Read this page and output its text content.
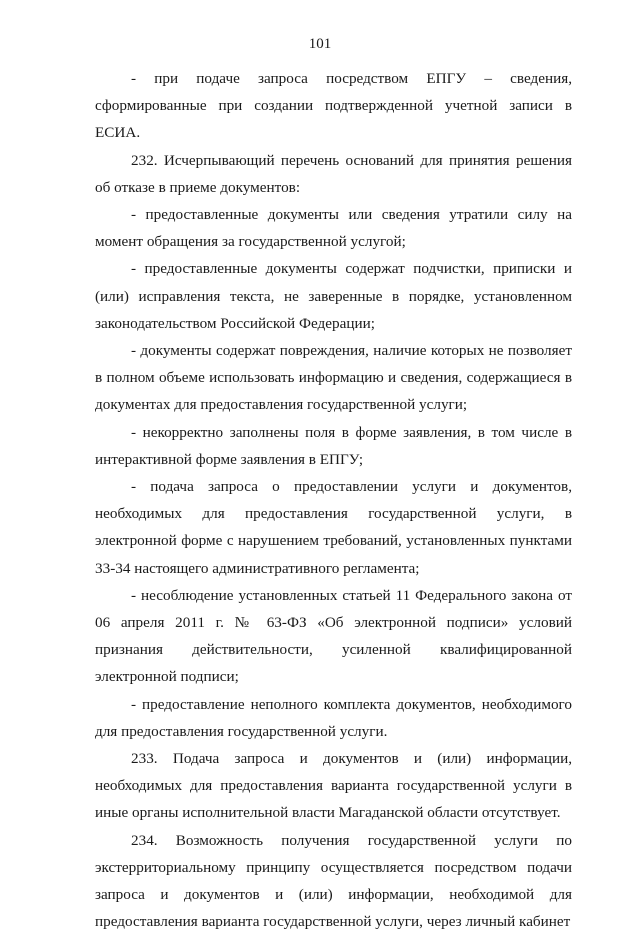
101

- при подаче запроса посредством ЕПГУ – сведения, сформированные при создании подтвержденной учетной записи в ЕСИА.

232. Исчерпывающий перечень оснований для принятия решения об отказе в приеме документов:

- предоставленные документы или сведения утратили силу на момент обращения за государственной услугой;

- предоставленные документы содержат подчистки, приписки и (или) исправления текста, не заверенные в порядке, установленном законодательством Российской Федерации;

- документы содержат повреждения, наличие которых не позволяет в полном объеме использовать информацию и сведения, содержащиеся в документах для предоставления государственной услуги;

- некорректно заполнены поля в форме заявления, в том числе в интерактивной форме заявления в ЕПГУ;

- подача запроса о предоставлении услуги и документов, необходимых для предоставления государственной услуги, в электронной форме с нарушением требований, установленных пунктами 33-34 настоящего административного регламента;

- несоблюдение установленных статьей 11 Федерального закона от 06 апреля 2011 г. № 63-ФЗ «Об электронной подписи» условий признания действительности, усиленной квалифицированной электронной подписи;

- предоставление неполного комплекта документов, необходимого для предоставления государственной услуги.

233. Подача запроса и документов и (или) информации, необходимых для предоставления варианта государственной услуги в иные органы исполнительной власти Магаданской области отсутствует.

234. Возможность получения государственной услуги по экстерриториальному принципу осуществляется посредством подачи запроса и документов и (или) информации, необходимой для предоставления варианта государственной услуги, через личный кабинет
